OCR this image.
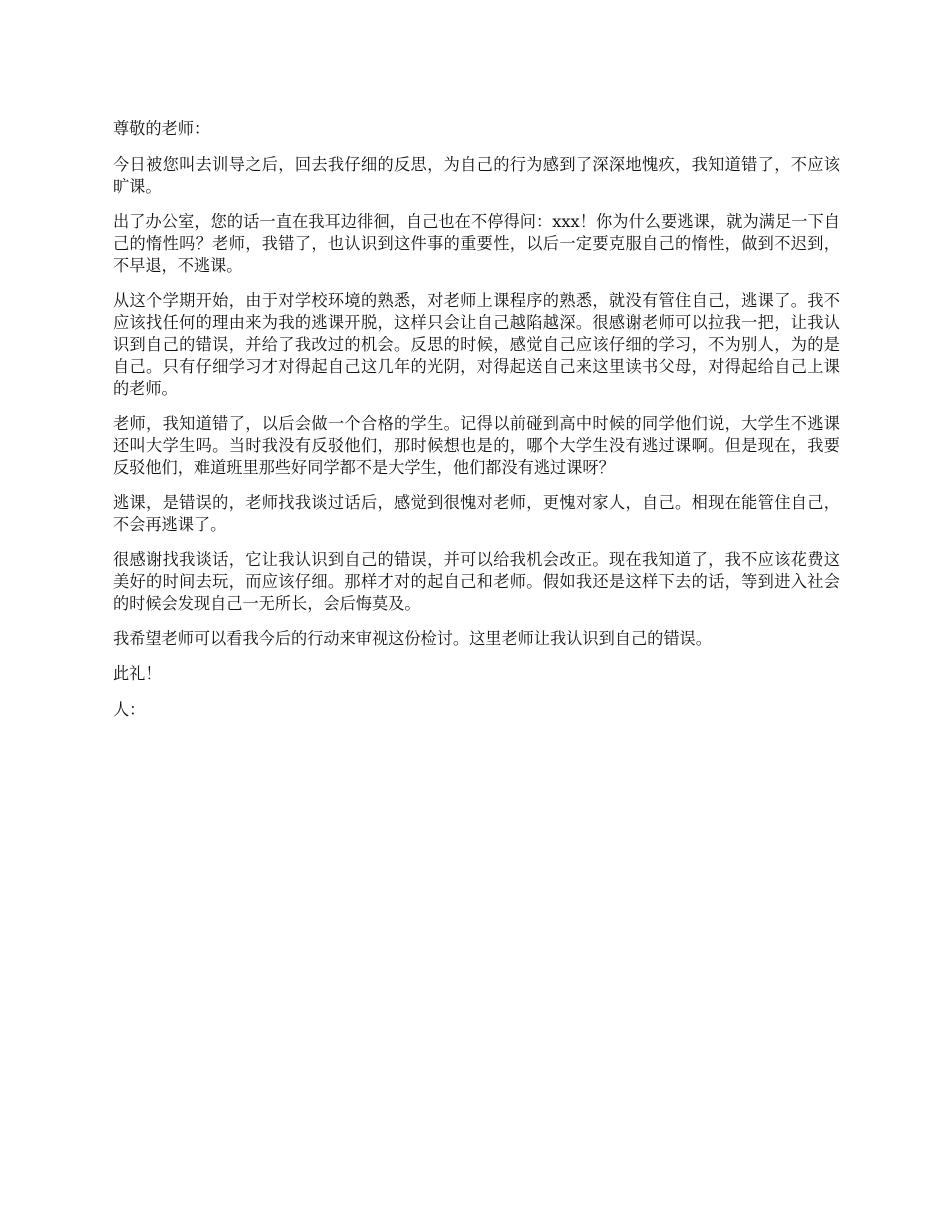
尊敬的老师：

今日被您叫去训导之后，回去我仔细的反思，为自己的行为感到了深深地愧疚，我知道错了，不应该旷课。

出了办公室，您的话一直在我耳边徘徊，自己也在不停得问：xxx！你为什么要逃课，就为满足一下自己的惰性吗？老师，我错了，也认识到这件事的重要性，以后一定要克服自己的惰性，做到不迟到，不早退，不逃课。

从这个学期开始，由于对学校环境的熟悉，对老师上课程序的熟悉，就没有管住自己，逃课了。我不应该找任何的理由来为我的逃课开脱，这样只会让自己越陷越深。很感谢老师可以拉我一把，让我认识到自己的错误，并给了我改过的机会。反思的时候，感觉自己应该仔细的学习，不为别人，为的是自己。只有仔细学习才对得起自己这几年的光阴，对得起送自己来这里读书父母，对得起给自己上课的老师。

老师，我知道错了，以后会做一个合格的学生。记得以前碰到高中时候的同学他们说，大学生不逃课还叫大学生吗。当时我没有反驳他们，那时候想也是的，哪个大学生没有逃过课啊。但是现在，我要反驳他们，难道班里那些好同学都不是大学生，他们都没有逃过课呀？

逃课，是错误的，老师找我谈过话后，感觉到很愧对老师，更愧对家人，自己。相现在能管住自己，不会再逃课了。

很感谢找我谈话，它让我认识到自己的错误，并可以给我机会改正。现在我知道了，我不应该花费这美好的时间去玩，而应该仔细。那样才对的起自己和老师。假如我还是这样下去的话，等到进入社会的时候会发现自己一无所长，会后悔莫及。

我希望老师可以看我今后的行动来审视这份检讨。这里老师让我认识到自己的错误。

此礼！

人：
